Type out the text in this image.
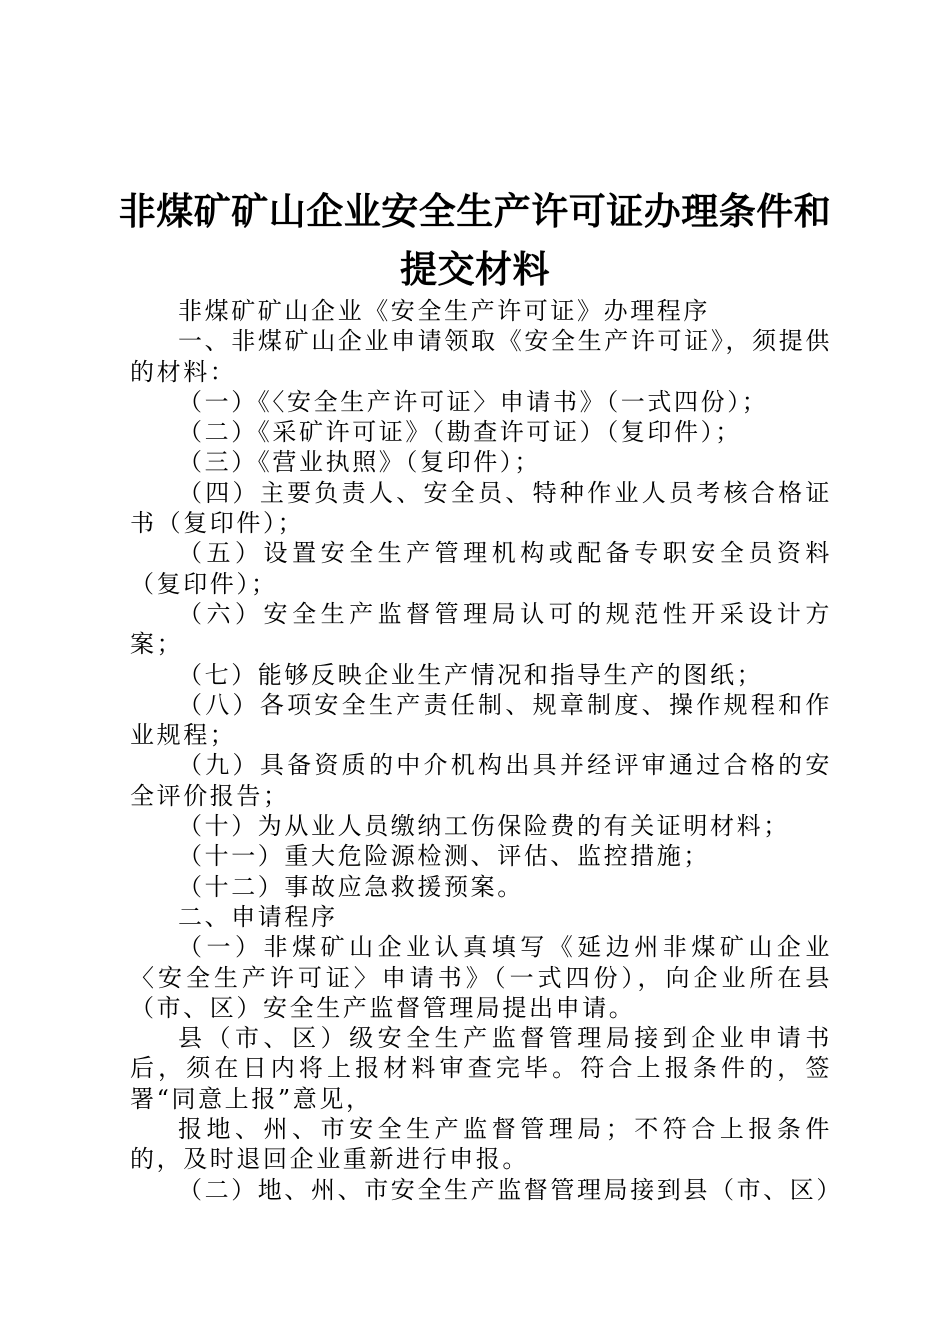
非煤矿矿山企业安全生产许可证办理条件和提交材料

非煤矿矿山企业《安全生产许可证》办理程序

一、非煤矿山企业申请领取《安全生产许可证》，须提供的材料：

（一）《〈安全生产许可证〉申请书》（一式四份）；

（二）《采矿许可证》（勘查许可证）（复印件）；

（三）《营业执照》（复印件）；

（四）主要负责人、安全员、特种作业人员考核合格证书（复印件）；

（五）设置安全生产管理机构或配备专职安全员资料（复印件）；

（六）安全生产监督管理局认可的规范性开采设计方案；

（七）能够反映企业生产情况和指导生产的图纸；

（八）各项安全生产责任制、规章制度、操作规程和作业规程；

（九）具备资质的中介机构出具并经评审通过合格的安全评价报告；

（十）为从业人员缴纳工伤保险费的有关证明材料；

（十一）重大危险源检测、评估、监控措施；

（十二）事故应急救援预案。

二、申请程序

（一）非煤矿山企业认真填写《延边州非煤矿山企业〈安全生产许可证〉申请书》（一式四份），向企业所在县（市、区）安全生产监督管理局提出申请。

县（市、区）级安全生产监督管理局接到企业申请书后，须在日内将上报材料审查完毕。符合上报条件的，签署“同意上报”意见，

报地、州、市安全生产监督管理局；不符合上报条件的，及时退回企业重新进行申报。

（二）地、州、市安全生产监督管理局接到县（市、区）
